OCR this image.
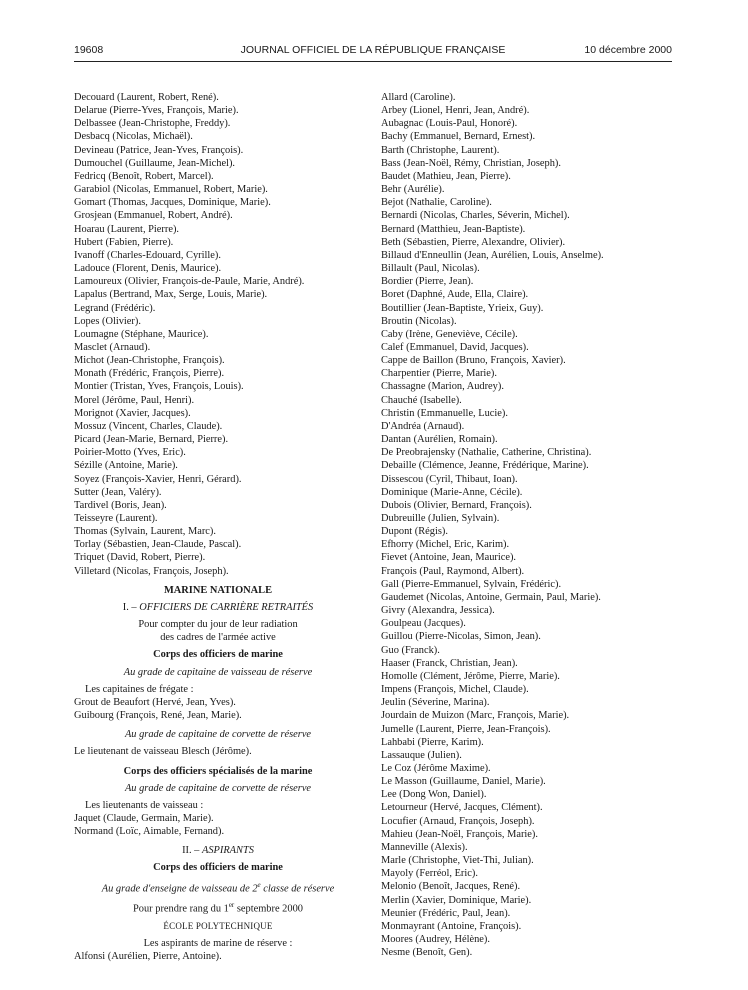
19608	JOURNAL OFFICIEL DE LA RÉPUBLIQUE FRANÇAISE	10 décembre 2000
Decouard (Laurent, Robert, René).
Delarue (Pierre-Yves, François, Marie).
Delbassee (Jean-Christophe, Freddy).
Desbacq (Nicolas, Michaël).
Devineau (Patrice, Jean-Yves, François).
Dumouchel (Guillaume, Jean-Michel).
Fedricq (Benoît, Robert, Marcel).
Garabiol (Nicolas, Emmanuel, Robert, Marie).
Gomart (Thomas, Jacques, Dominique, Marie).
Grosjean (Emmanuel, Robert, André).
Hoarau (Laurent, Pierre).
Hubert (Fabien, Pierre).
Ivanoff (Charles-Edouard, Cyrille).
Ladouce (Florent, Denis, Maurice).
Lamoureux (Olivier, François-de-Paule, Marie, André).
Lapalus (Bertrand, Max, Serge, Louis, Marie).
Legrand (Frédéric).
Lopes (Olivier).
Loumagne (Stéphane, Maurice).
Masclet (Arnaud).
Michot (Jean-Christophe, François).
Monath (Frédéric, François, Pierre).
Montier (Tristan, Yves, François, Louis).
Morel (Jérôme, Paul, Henri).
Morignot (Xavier, Jacques).
Mossuz (Vincent, Charles, Claude).
Picard (Jean-Marie, Bernard, Pierre).
Poirier-Motto (Yves, Eric).
Sézille (Antoine, Marie).
Soyez (François-Xavier, Henri, Gérard).
Sutter (Jean, Valéry).
Tardivel (Boris, Jean).
Teisseyre (Laurent).
Thomas (Sylvain, Laurent, Marc).
Torlay (Sébastien, Jean-Claude, Pascal).
Triquet (David, Robert, Pierre).
Villetard (Nicolas, François, Joseph).
MARINE NATIONALE
I. – OFFICIERS DE CARRIÈRE RETRAITÉS
Pour compter du jour de leur radiation
des cadres de l'armée active
Corps des officiers de marine
Au grade de capitaine de vaisseau de réserve
Les capitaines de frégate :
Grout de Beaufort (Hervé, Jean, Yves).
Guibourg (François, René, Jean, Marie).
Au grade de capitaine de corvette de réserve
Le lieutenant de vaisseau Blesch (Jérôme).
Corps des officiers spécialisés de la marine
Au grade de capitaine de corvette de réserve
Les lieutenants de vaisseau :
Jaquet (Claude, Germain, Marie).
Normand (Loïc, Aimable, Fernand).
II. – ASPIRANTS
Corps des officiers de marine
Au grade d'enseigne de vaisseau de 2e classe de réserve
Pour prendre rang du 1er septembre 2000
ÉCOLE POLYTECHNIQUE
Les aspirants de marine de réserve :
Alfonsi (Aurélien, Pierre, Antoine).
Allard (Caroline).
Arbey (Lionel, Henri, Jean, André).
Aubagnac (Louis-Paul, Honoré).
Bachy (Emmanuel, Bernard, Ernest).
Barth (Christophe, Laurent).
Bass (Jean-Noël, Rémy, Christian, Joseph).
Baudet (Mathieu, Jean, Pierre).
Behr (Aurélie).
Bejot (Nathalie, Caroline).
Bernardi (Nicolas, Charles, Séverin, Michel).
Bernard (Matthieu, Jean-Baptiste).
Beth (Sébastien, Pierre, Alexandre, Olivier).
Billaud d'Enneullin (Jean, Aurélien, Louis, Anselme).
Billault (Paul, Nicolas).
Bordier (Pierre, Jean).
Boret (Daphné, Aude, Ella, Claire).
Boutillier (Jean-Baptiste, Yrieix, Guy).
Broutin (Nicolas).
Caby (Irène, Geneviève, Cécile).
Calef (Emmanuel, David, Jacques).
Cappe de Baillon (Bruno, François, Xavier).
Charpentier (Pierre, Marie).
Chassagne (Marion, Audrey).
Chauché (Isabelle).
Christin (Emmanuelle, Lucie).
D'Andréa (Arnaud).
Dantan (Aurélien, Romain).
De Preobrajensky (Nathalie, Catherine, Christina).
Debaille (Clémence, Jeanne, Frédérique, Marine).
Dissescou (Cyril, Thibaut, Ioan).
Dominique (Marie-Anne, Cécile).
Dubois (Olivier, Bernard, François).
Dubreuille (Julien, Sylvain).
Dupont (Régis).
Efhorry (Michel, Eric, Karim).
Fievet (Antoine, Jean, Maurice).
François (Paul, Raymond, Albert).
Gall (Pierre-Emmanuel, Sylvain, Frédéric).
Gaudemet (Nicolas, Antoine, Germain, Paul, Marie).
Givry (Alexandra, Jessica).
Goulpeau (Jacques).
Guillou (Pierre-Nicolas, Simon, Jean).
Guo (Franck).
Haaser (Franck, Christian, Jean).
Homolle (Clément, Jérôme, Pierre, Marie).
Impens (François, Michel, Claude).
Jeulin (Séverine, Marina).
Jourdain de Muizon (Marc, François, Marie).
Jumelle (Laurent, Pierre, Jean-François).
Lahbabi (Pierre, Karim).
Lassauque (Julien).
Le Coz (Jérôme Maxime).
Le Masson (Guillaume, Daniel, Marie).
Lee (Dong Won, Daniel).
Letourneur (Hervé, Jacques, Clément).
Locufier (Arnaud, François, Joseph).
Mahieu (Jean-Noël, François, Marie).
Manneville (Alexis).
Marle (Christophe, Viet-Thi, Julian).
Mayoly (Ferréol, Eric).
Melonio (Benoît, Jacques, René).
Merlin (Xavier, Dominique, Marie).
Meunier (Frédéric, Paul, Jean).
Monmayrant (Antoine, François).
Moores (Audrey, Hélène).
Nesme (Benoît, Gen).
